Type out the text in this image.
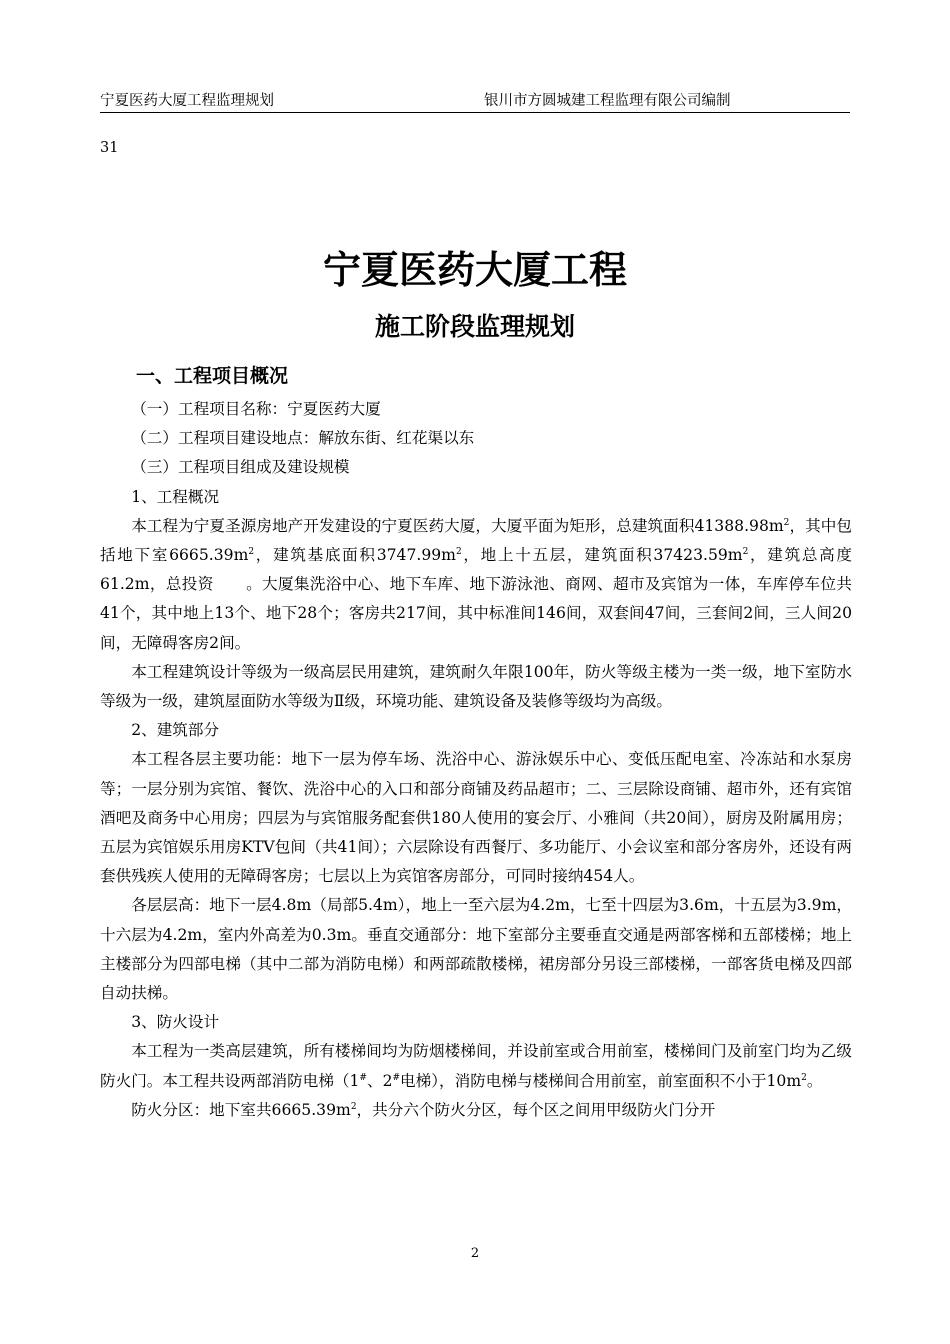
宁夏医药大厦工程监理规划	银川市方圆城建工程监理有限公司编制
31
宁夏医药大厦工程
施工阶段监理规划
一、工程项目概况

（一）工程项目名称：宁夏医药大厦

（二）工程项目建设地点：解放东街、红花渠以东

（三）工程项目组成及建设规模

1、工程概况

本工程为宁夏圣源房地产开发建设的宁夏医药大厦，大厦平面为矩形，总建筑面积$41388.98m^2$，其中包括地下室$6665.39m^2$，建筑基底面积$3747.99m^2$，地上十五层，建筑面积$37423.59m^2$，建筑总高度61.2m，总投资 。大厦集洗浴中心、地下车库、地下游泳池、商网、超市及宾馆为一体，车库停车位共41个，其中地上13个、地下28个；客房共217间，其中标准间146间，双套间47间，三套间2间，三人间20间，无障碍客房2间。

本工程建筑设计等级为一级高层民用建筑，建筑耐久年限100年，防火等级主楼为一类一级，地下室防水等级为一级，建筑屋面防水等级为Ⅱ级，环境功能、建筑设备及装修等级均为高级。

2、建筑部分

本工程各层主要功能：地下一层为停车场、洗浴中心、游泳娱乐中心、变低压配电室、冷冻站和水泵房等；一层分别为宾馆、餐饮、洗浴中心的入口和部分商铺及药品超市；二、三层除设商铺、超市外，还有宾馆酒吧及商务中心用房；四层为与宾馆服务配套供180人使用的宴会厅、小雅间（共20间），厨房及附属用房；五层为宾馆娱乐用房KTV包间（共41间）；六层除设有西餐厅、多功能厅、小会议室和部分客房外，还设有两套供残疾人使用的无障碍客房；七层以上为宾馆客房部分，可同时接纳454人。

各层层高：地下一层4.8m（局部5.4m），地上一至六层为4.2m，七至十四层为3.6m，十五层为3.9m，十六层为4.2m，室内外高差为0.3m。垂直交通部分：地下室部分主要垂直交通是两部客梯和五部楼梯；地上主楼部分为四部电梯（其中二部为消防电梯）和两部疏散楼梯，裙房部分另设三部楼梯，一部客货电梯及四部自动扶梯。

3、防火设计

本工程为一类高层建筑，所有楼梯间均为防烟楼梯间，并设前室或合用前室，楼梯间门及前室门均为乙级防火门。本工程共设两部消防电梯（1#、2#电梯），消防电梯与楼梯间合用前室，前室面积不小于$10m^2$。

防火分区：地下室共$6665.39m^2$，共分六个防火分区，每个区之间用甲级防火门分开

2
